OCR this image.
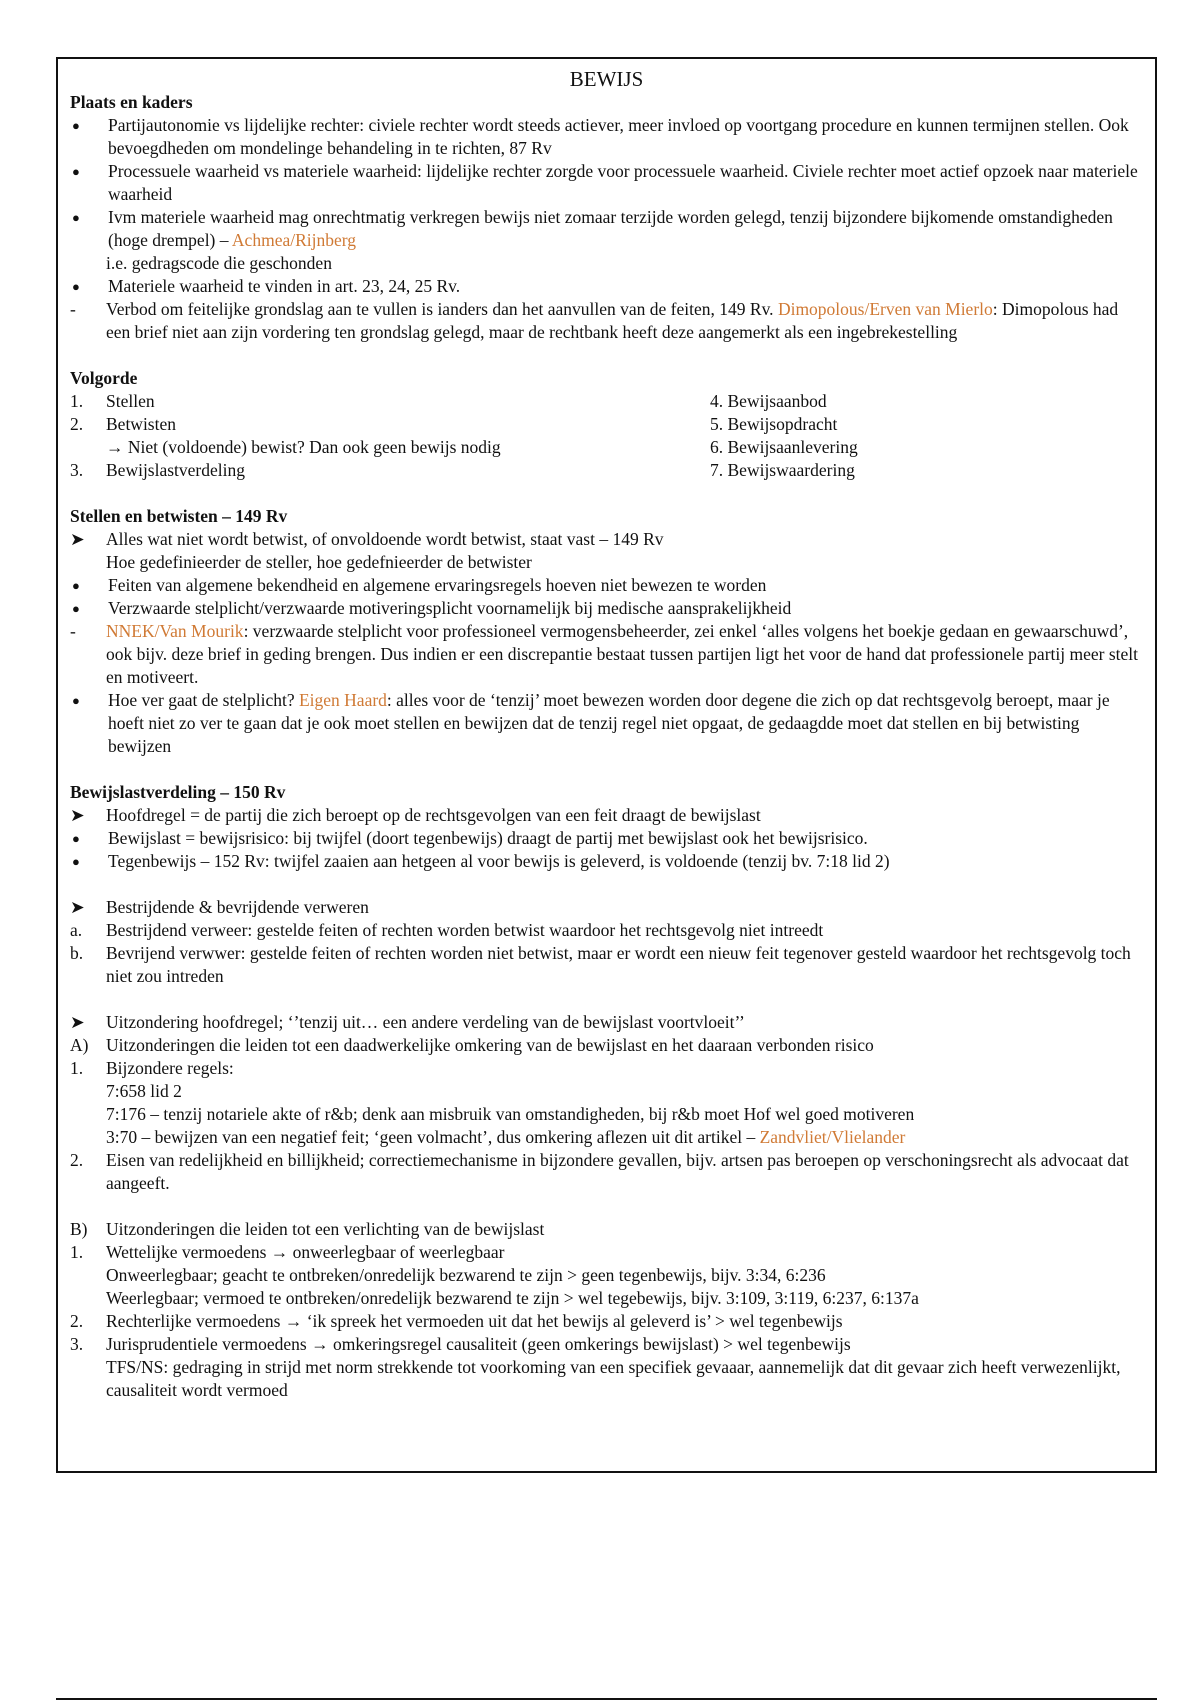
BEWIJS
Plaats en kaders
●	Partijautonomie vs lijdelijke rechter: civiele rechter wordt steeds actiever, meer invloed op voortgang procedure en kunnen termijnen stellen. Ook bevoegdheden om mondelinge behandeling in te richten, 87 Rv
●	Processuele waarheid vs materiele waarheid: lijdelijke rechter zorgde voor processuele waarheid. Civiele rechter moet actief opzoek naar materiele waarheid
●	Ivm materiele waarheid mag onrechtmatig verkregen bewijs niet zomaar terzijde worden gelegd, tenzij bijzondere bijkomende omstandigheden (hoge drempel) – Achmea/Rijnberg
i.e. gedragscode die geschonden
●	Materiele waarheid te vinden in art. 23, 24, 25 Rv.
-	Verbod om feitelijke grondslag aan te vullen is ianders dan het aanvullen van de feiten, 149 Rv. Dimopolous/Erven van Mierlo: Dimopolous had een brief niet aan zijn vordering ten grondslag gelegd, maar de rechtbank heeft deze aangemerkt als een ingebrekestelling
Volgorde
1.	Stellen
2.	Betwisten
→ Niet (voldoende) bewist? Dan ook geen bewijs nodig
3.	Bewijslastverdeling
4. Bewijsaanbod
5. Bewijsopdracht
6. Bewijsaanlevering
7. Bewijswaardering
Stellen en betwisten – 149 Rv
➤	Alles wat niet wordt betwist, of onvoldoende wordt betwist, staat vast – 149 Rv
Hoe gedefinieerder de steller, hoe gedefnieerder de betwister
●	Feiten van algemene bekendheid en algemene ervaringsregels hoeven niet bewezen te worden
●	Verzwaarde stelplicht/verzwaarde motiveringsplicht voornamelijk bij medische aansprakelijkheid
-	NNEK/Van Mourik: verzwaarde stelplicht voor professioneel vermogensbeheerder, zei enkel ‘alles volgens het boekje gedaan en gewaarschuwd’, ook bijv. deze brief in geding brengen. Dus indien er een discrepantie bestaat tussen partijen ligt het voor de hand dat professionele partij meer stelt en motiveert.
●	Hoe ver gaat de stelplicht? Eigen Haard: alles voor de ‘tenzij’ moet bewezen worden door degene die zich op dat rechtsgevolg beroept, maar je hoeft niet zo ver te gaan dat je ook moet stellen en bewijzen dat de tenzij regel niet opgaat, de gedaagdde moet dat stellen en bij betwisting bewijzen
Bewijslastverdeling – 150 Rv
➤	Hoofdregel = de partij die zich beroept op de rechtsgevolgen van een feit draagt de bewijslast
●	Bewijslast = bewijsrisico: bij twijfel (doort tegenbewijs) draagt de partij met bewijslast ook het bewijsrisico.
●	Tegenbewijs – 152 Rv: twijfel zaaien aan hetgeen al voor bewijs is geleverd, is voldoende (tenzij bv. 7:18 lid 2)
➤	Bestrijdende & bevrijdende verweren
a.	Bestrijdend verweer: gestelde feiten of rechten worden betwist waardoor het rechtsgevolg niet intreedt
b.	Bevrijend verwwer: gestelde feiten of rechten worden niet betwist, maar er wordt een nieuw feit tegenover gesteld waardoor het rechtsgevolg toch niet zou intreden
➤	Uitzondering hoofdregel; ‘’tenzij uit… een andere verdeling van de bewijslast voortvloeit’’
A)	Uitzonderingen die leiden tot een daadwerkelijke omkering van de bewijslast en het daaraan verbonden risico
1.	Bijzondere regels:
7:658 lid 2
7:176 – tenzij notariele akte of r&b; denk aan misbruik van omstandigheden, bij r&b moet Hof wel goed motiveren
3:70 – bewijzen van een negatief feit; ‘geen volmacht’, dus omkering aflezen uit dit artikel – Zandvliet/Vlielander
2.	Eisen van redelijkheid en billijkheid; correctiemechanisme in bijzondere gevallen, bijv. artsen pas beroepen op verschoningsrecht als advocaat dat aangeeft.
B)	Uitzonderingen die leiden tot een verlichting van de bewijslast
1.	Wettelijke vermoedens → onweerlegbaar of weerlegbaar
Onweerlegbaar; geacht te ontbreken/onredelijk bezwarend te zijn > geen tegenbewijs, bijv. 3:34, 6:236
Weerlegbaar; vermoed te ontbreken/onredelijk bezwarend te zijn > wel tegebewijs, bijv. 3:109, 3:119, 6:237, 6:137a
2.	Rechterlijke vermoedens → ‘ik spreek het vermoeden uit dat het bewijs al geleverd is’ > wel tegenbewijs
3.	Jurisprudentiele vermoedens → omkeringsregel causaliteit (geen omkerings bewijslast) > wel tegenbewijs
TFS/NS: gedraging in strijd met norm strekkende tot voorkoming van een specifiek gevaaar, aannemelijk dat dit gevaar zich heeft verwezenlijkt, causaliteit wordt vermoed
